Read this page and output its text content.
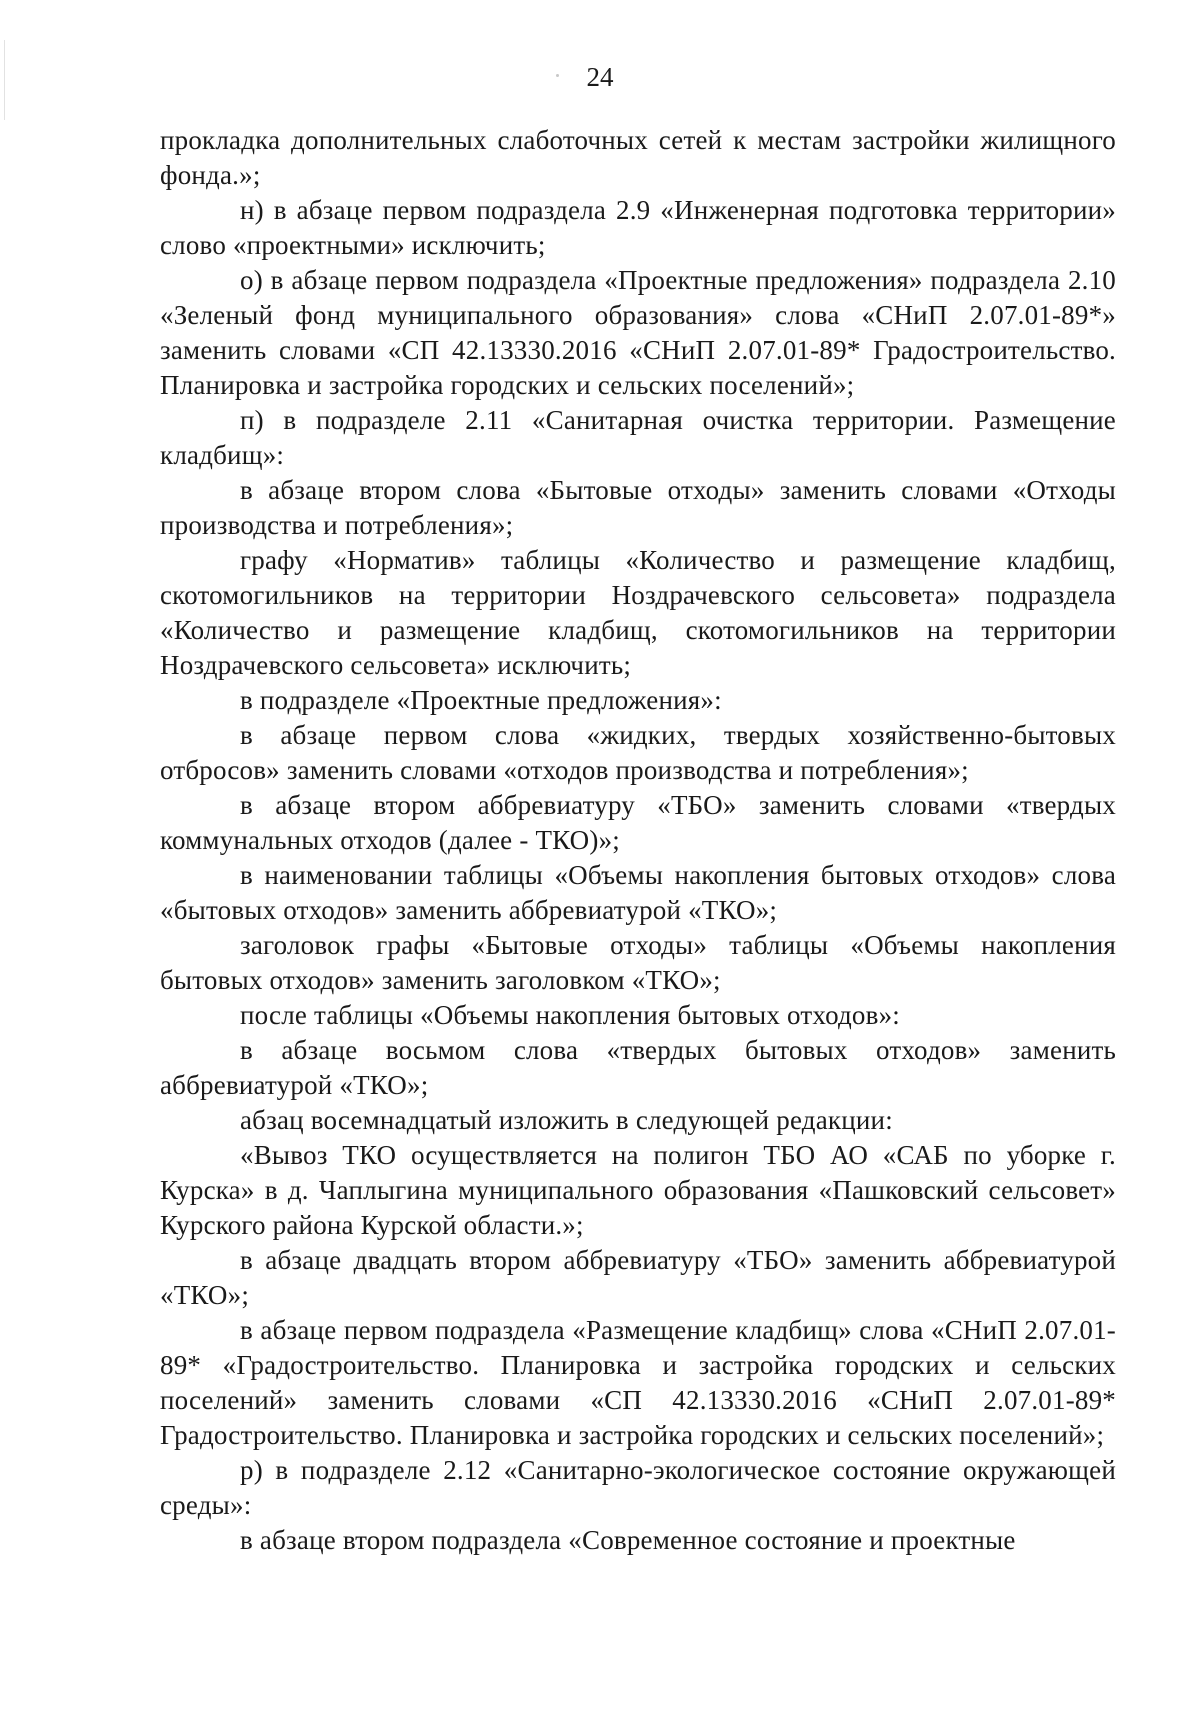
24

прокладка дополнительных слаботочных сетей к местам застройки жилищного фонда.»;

н) в абзаце первом подраздела 2.9 «Инженерная подготовка территории» слово «проектными» исключить;

о) в абзаце первом подраздела «Проектные предложения» подраздела 2.10 «Зеленый фонд муниципального образования» слова «СНиП 2.07.01-89*» заменить словами «СП 42.13330.2016 «СНиП 2.07.01-89* Градостроительство. Планировка и застройка городских и сельских поселений»;

п) в подразделе 2.11 «Санитарная очистка территории. Размещение кладбищ»:

в абзаце втором слова «Бытовые отходы» заменить словами «Отходы производства и потребления»;

графу «Норматив» таблицы «Количество и размещение кладбищ, скотомогильников на территории Ноздрачевского сельсовета» подраздела «Количество и размещение кладбищ, скотомогильников на территории Ноздрачевского сельсовета» исключить;

в подразделе «Проектные предложения»:

в абзаце первом слова «жидких, твердых хозяйственно-бытовых отбросов» заменить словами «отходов производства и потребления»;

в абзаце втором аббревиатуру «ТБО» заменить словами «твердых коммунальных отходов (далее - ТКО)»;

в наименовании таблицы «Объемы накопления бытовых отходов» слова «бытовых отходов» заменить аббревиатурой «ТКО»;

заголовок графы «Бытовые отходы» таблицы «Объемы накопления бытовых отходов» заменить заголовком «ТКО»;

после таблицы «Объемы накопления бытовых отходов»:

в абзаце восьмом слова «твердых бытовых отходов» заменить аббревиатурой «ТКО»;

абзац восемнадцатый изложить в следующей редакции:

«Вывоз ТКО осуществляется на полигон ТБО АО «САБ по уборке г. Курска» в д. Чаплыгина муниципального образования «Пашковский сельсовет» Курского района Курской области.»;

в абзаце двадцать втором аббревиатуру «ТБО» заменить аббревиатурой «ТКО»;

в абзаце первом подраздела «Размещение кладбищ» слова «СНиП 2.07.01-89* «Градостроительство. Планировка и застройка городских и сельских поселений» заменить словами «СП 42.13330.2016 «СНиП 2.07.01-89* Градостроительство. Планировка и застройка городских и сельских поселений»;

р) в подразделе 2.12 «Санитарно-экологическое состояние окружающей среды»:

в абзаце втором подраздела «Современное состояние и проектные
